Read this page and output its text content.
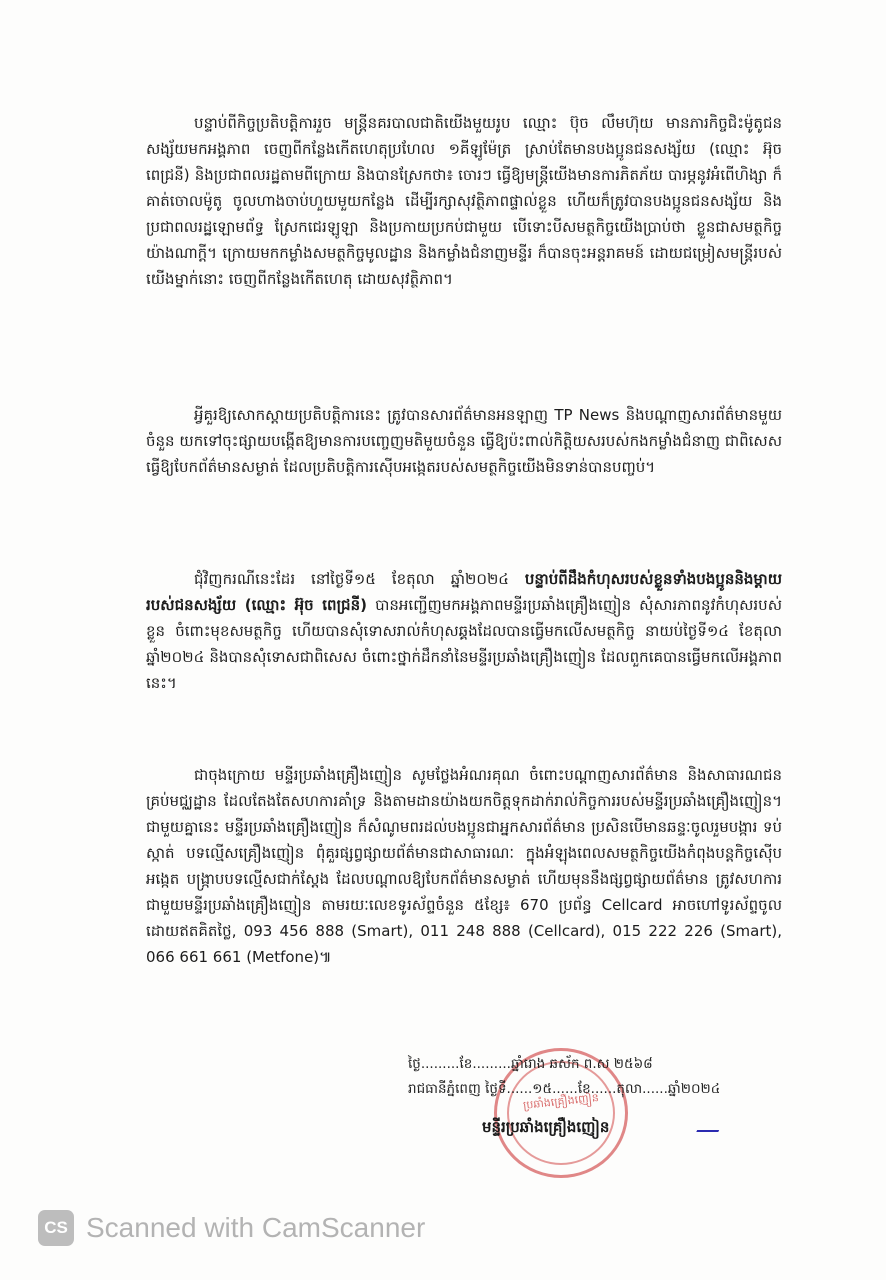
បន្ទាប់ពីកិច្ចប្រតិបត្តិការរួច មន្ត្រីនគរបាលជាតិយើងមួយរូប ឈ្មោះ ប៊ុច លឹមហ៊ុយ មានភារកិច្ចជិះម៉ូតូជនសង្ស័យមកអង្គភាព ចេញពីកន្លែងកើតហេតុប្រហែល ១គីឡូម៉ែត្រ ស្រាប់តែមានបងប្អូនជនសង្ស័យ (ឈ្មោះ អ៊ុច ពេជ្រនី) និងប្រជាពលរដ្ឋតាមពីក្រោយ និងបានស្រែកថា៖ ចោរៗ ធ្វើឱ្យមន្ត្រីយើងមានការភិតភ័យ បារម្ភនូវអំពើហិង្សា ក៏គាត់ចោលម៉ូតូ ចូលហាងចាប់ហួយមួយកន្លែង ដើម្បីរក្សាសុវត្ថិភាពផ្ទាល់ខ្លួន ហើយក៏ត្រូវបានបងប្អូនជនសង្ស័យ និងប្រជាពលរដ្ឋឡោមព័ទ្ធ ស្រែកជេរឡូឡា និងប្រកាយប្រកប់ជាមួយ បើទោះបីសមត្ថកិច្ចយើងប្រាប់ថា ខ្លួនជាសមត្ថកិច្ចយ៉ាងណាក្តី។ ក្រោយមកកម្លាំងសមត្ថកិច្ចមូលដ្ឋាន និងកម្លាំងជំនាញមន្ទីរ ក៏បានចុះអន្តរាគមន៍ ដោយជម្រៀសមន្ត្រីរបស់យើងម្នាក់នោះ ចេញពីកន្លែងកើតហេតុ ដោយសុវត្ថិភាព។

អ្វីគួរឱ្យសោកស្តាយប្រតិបត្តិការនេះ ត្រូវបានសារព័ត៌មានអនឡាញ TP News និងបណ្តាញសារព័ត៌មានមួយចំនួន យកទៅចុះផ្សាយបង្កើតឱ្យមានការបញ្ចេញមតិមួយចំនួន ធ្វើឱ្យប៉ះពាល់កិត្តិយសរបស់កងកម្លាំងជំនាញ ជាពិសេសធ្វើឱ្យបែកព័ត៌មានសម្ងាត់ ដែលប្រតិបត្តិការស៊ើបអង្កេតរបស់សមត្ថកិច្ចយើងមិនទាន់បានបញ្ចប់។

ជុំវិញករណីនេះដែរ នៅថ្ងៃទី១៥ ខែតុលា ឆ្នាំ២០២៤ បន្ទាប់ពីដឹងកំហុសរបស់ខ្លួនទាំងបងប្អូននិងម្តាយរបស់ជនសង្ស័យ (ឈ្មោះ អ៊ុច ពេជ្រនី) បានអញ្ជើញមកអង្គភាពមន្ទីរប្រឆាំងគ្រឿងញៀន សុំសារភាពនូវកំហុសរបស់ខ្លួន ចំពោះមុខសមត្ថកិច្ច ហើយបានសុំទោសរាល់កំហុសឆ្គងដែលបានធ្វើមកលើសមត្ថកិច្ច នាយប់ថ្ងៃទី១៤ ខែតុលា ឆ្នាំ២០២៤ និងបានសុំទោសជាពិសេស ចំពោះថ្នាក់ដឹកនាំនៃមន្ទីរប្រឆាំងគ្រឿងញៀន ដែលពួកគេបានធ្វើមកលើអង្គភាពនេះ។

ជាចុងក្រោយ មន្ទីរប្រឆាំងគ្រឿងញៀន សូមថ្លែងអំណរគុណ ចំពោះបណ្តាញសារព័ត៌មាន និងសាធារណជនគ្រប់មជ្ឈដ្ឋាន ដែលតែងតែសហការគាំទ្រ និងតាមដានយ៉ាងយកចិត្តទុកដាក់រាល់កិច្ចការរបស់មន្ទីរប្រឆាំងគ្រឿងញៀន។ ជាមួយគ្នានេះ មន្ទីរប្រឆាំងគ្រឿងញៀន ក៏សំណូមពរដល់បងប្អូនជាអ្នកសារព័ត៌មាន ប្រសិនបើមានឆន្ទៈចូលរួមបង្ការ ទប់ស្កាត់ បទល្មើសគ្រឿងញៀន ពុំគួរផ្សព្វផ្សាយព័ត៌មានជាសាធារណៈ ក្នុងអំឡុងពេលសមត្ថកិច្ចយើងកំពុងបន្តកិច្ចស៊ើបអង្កេត បង្ក្រាបបទល្មើសជាក់ស្តែង ដែលបណ្តាលឱ្យបែកព័ត៌មានសម្ងាត់ ហើយមុននឹងផ្សព្វផ្សាយព័ត៌មាន ត្រូវសហការជាមួយមន្ទីរប្រឆាំងគ្រឿងញៀន តាមរយៈលេខទូរស័ព្ទចំនួន ៥ខ្សែ៖ 670 ប្រព័ន្ធ Cellcard អាចហៅទូរស័ព្ទចូលដោយឥតគិតថ្លៃ, 093 456 888 (Smart), 011 248 888 (Cellcard), 015 222 226 (Smart), 066 661 661 (Metfone)៕

ប្រឆាំងគ្រឿងញៀន
ថ្ងៃ.........ខែ.........ឆ្នាំរោង ឆស័ក ព.ស ២៥៦៨
រាជធានីភ្នំពេញ ថ្ងៃទី......១៥......ខែ......តុលា......ឆ្នាំ២០២៤
មន្ទីរប្រឆាំងគ្រឿងញៀន
CS Scanned with CamScanner
